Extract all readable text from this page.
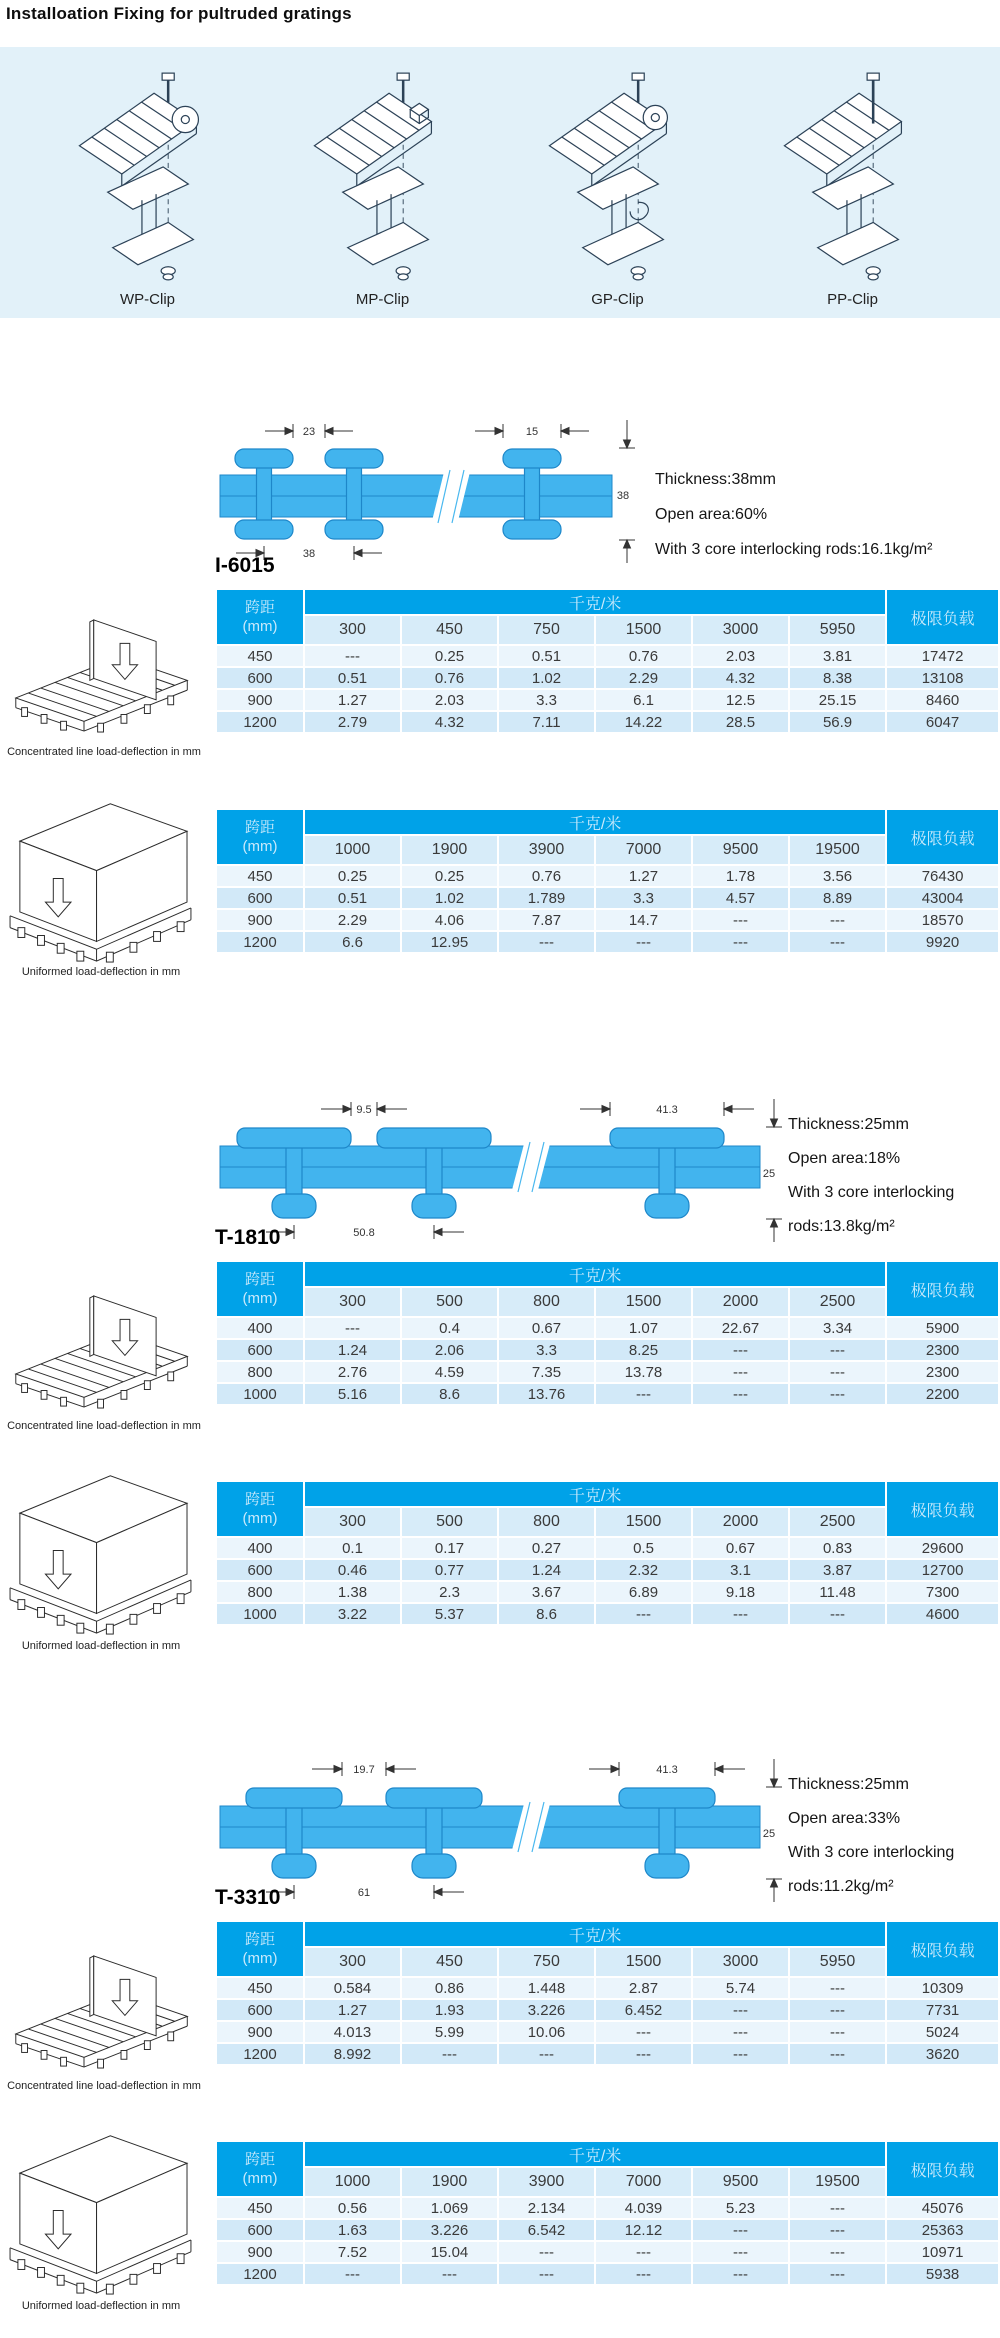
Installoation Fixing for pultruded gratings
WP-Clip	MP-Clip	GP-Clip	PP-Clip
23	15
38
38
Thickness:38mm
Open area:60%
With 3 core interlocking rods:16.1kg/m²
I-6015
跨距
(mm)	千克/米						极限负载
	300	450	750	1500	3000	5950	
450	---	0.25	0.51	0.76	2.03	3.81	17472
600	0.51	0.76	1.02	2.29	4.32	8.38	13108
900	1.27	2.03	3.3	6.1	12.5	25.15	8460
1200	2.79	4.32	7.11	14.22	28.5	56.9	6047
跨距
(mm)	千克/米						极限负载
	1000	1900	3900	7000	9500	19500	
450	0.25	0.25	0.76	1.27	1.78	3.56	76430
600	0.51	1.02	1.789	3.3	4.57	8.89	43004
900	2.29	4.06	7.87	14.7	---	---	18570
1200	6.6	12.95	---	---	---	---	9920
Concentrated line load-deflection in mm
Uniformed load-deflection in mm
9.5	41.3
25
50.8
Thickness:25mm
Open area:18%
With 3 core interlocking rods:13.8kg/m²
T-1810
跨距
(mm)	千克/米						极限负载
	300	500	800	1500	2000	2500	
400	---	0.4	0.67	1.07	22.67	3.34	5900
600	1.24	2.06	3.3	8.25	---	---	2300
800	2.76	4.59	7.35	13.78	---	---	2300
1000	5.16	8.6	13.76	---	---	---	2200
跨距
(mm)	千克/米						极限负载
	300	500	800	1500	2000	2500	
400	0.1	0.17	0.27	0.5	0.67	0.83	29600
600	0.46	0.77	1.24	2.32	3.1	3.87	12700
800	1.38	2.3	3.67	6.89	9.18	11.48	7300
1000	3.22	5.37	8.6	---	---	---	4600
Concentrated line load-deflection in mm
Uniformed load-deflection in mm
19.7	41.3
25
61
Thickness:25mm
Open area:33%
With 3 core interlocking rods:11.2kg/m²
T-3310
跨距
(mm)	千克/米						极限负载
	300	450	750	1500	3000	5950	
450	0.584	0.86	1.448	2.87	5.74	---	10309
600	1.27	1.93	3.226	6.452	---	---	7731
900	4.013	5.99	10.06	---	---	---	5024
1200	8.992	---	---	---	---	---	3620
跨距
(mm)	千克/米						极限负载
	1000	1900	3900	7000	9500	19500	
450	0.56	1.069	2.134	4.039	5.23	---	45076
600	1.63	3.226	6.542	12.12	---	---	25363
900	7.52	15.04	---	---	---	---	10971
1200	---	---	---	---	---	---	5938
Concentrated line load-deflection in mm
Uniformed load-deflection in mm
